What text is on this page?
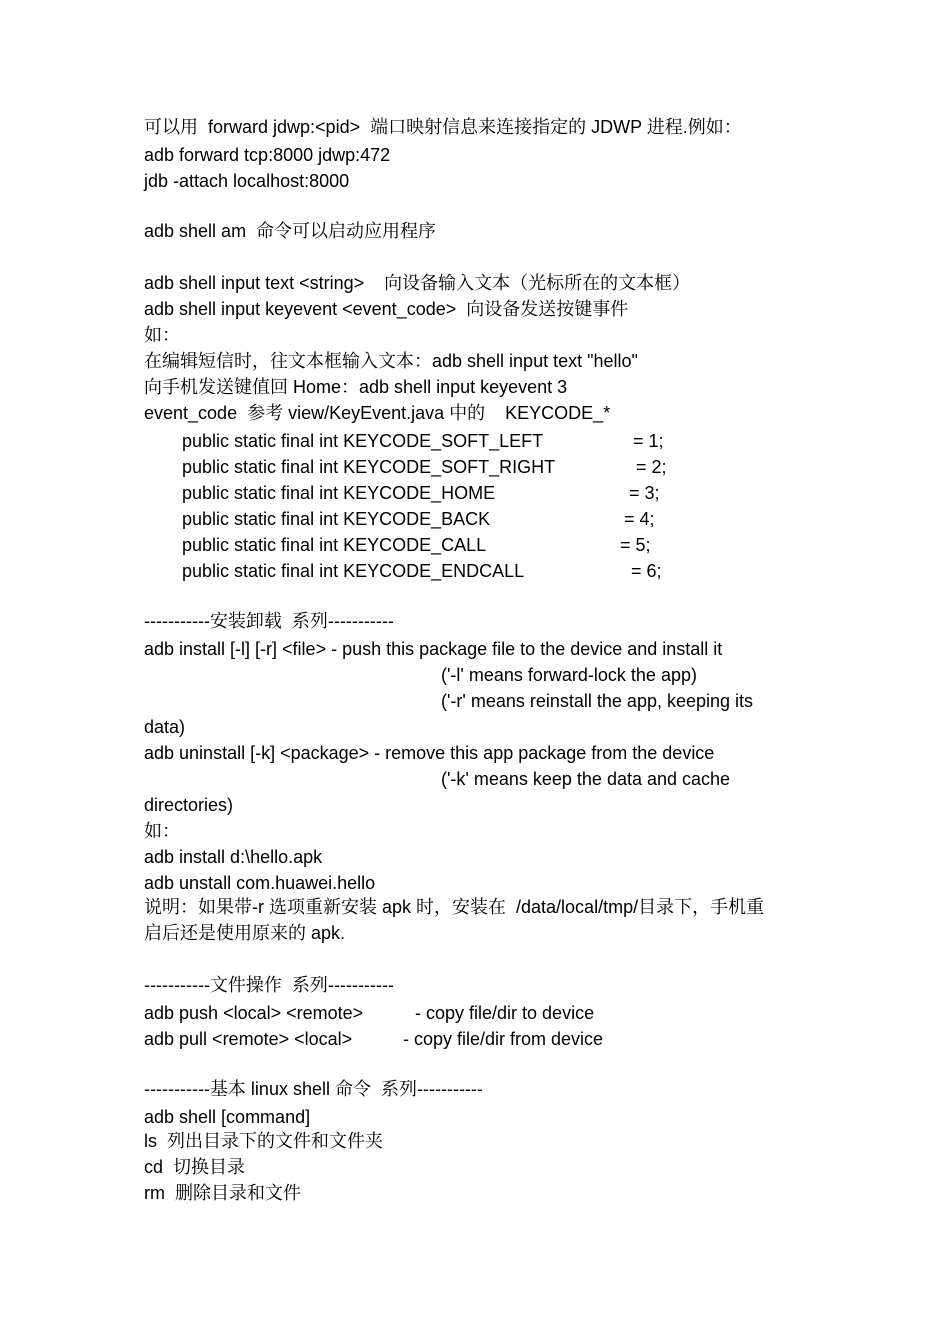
可以用  forward jdwp:<pid>  端口映射信息来连接指定的 JDWP 进程.例如：

adb forward tcp:8000 jdwp:472

jdb -attach localhost:8000

adb shell am  命令可以启动应用程序

adb shell input text <string>    向设备输入文本（光标所在的文本框）

adb shell input keyevent <event_code>  向设备发送按键事件

如：

在编辑短信时，往文本框输入文本：adb shell input text "hello"

向手机发送键值回 Home：adb shell input keyevent 3

event_code  参考 view/KeyEvent.java 中的    KEYCODE_*

public static final int KEYCODE_SOFT_LEFT	= 1;
public static final int KEYCODE_SOFT_RIGHT	= 2;
public static final int KEYCODE_HOME	= 3;
public static final int KEYCODE_BACK	= 4;
public static final int KEYCODE_CALL	= 5;
public static final int KEYCODE_ENDCALL	= 6;

-----------安装卸载  系列-----------

adb install [-l] [-r] <file> - push this package file to the device and install it

('-l' means forward-lock the app)

('-r' means reinstall the app, keeping its

data)

adb uninstall [-k] <package> - remove this app package from the device

('-k' means keep the data and cache

directories)

如：

adb install d:\hello.apk

adb unstall com.huawei.hello

说明：如果带-r 选项重新安装 apk 时，安装在  /data/local/tmp/目录下，手机重

启后还是使用原来的 apk.

-----------文件操作  系列-----------

adb push <local> <remote>	- copy file/dir to device
adb pull <remote> <local>	- copy file/dir from device

-----------基本 linux shell 命令  系列-----------

adb shell [command]

ls  列出目录下的文件和文件夹

cd  切换目录

rm  删除目录和文件
